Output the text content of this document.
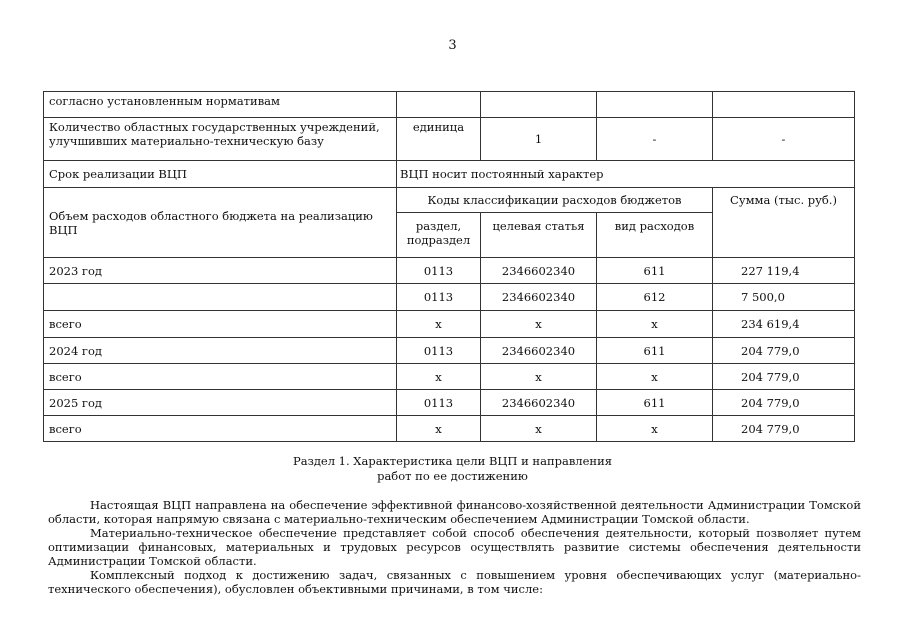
3
согласно установленным нормативам				
Количество областных государственных учреждений, улучшивших материально-техническую базу	единица	1	-	-
Срок реализации ВЦП	ВЦП носит постоянный характер			
Объем расходов областного бюджета на реализацию ВЦП	Коды классификации расходов бюджетов			Сумма (тыс. руб.)
	раздел, подраздел	целевая статья	вид расходов	
2023 год	0113	2346602340	611	227 119,4
	0113	2346602340	612	7 500,0
всего	х	х	х	234 619,4
2024 год	0113	2346602340	611	204 779,0
всего	х	х	х	204 779,0
2025 год	0113	2346602340	611	204 779,0
всего	х	х	х	204 779,0
Раздел 1. Характеристика цели ВЦП и направления
работ по ее достижению

Настоящая ВЦП направлена на обеспечение эффективной финансово-хозяйственной деятельности Администрации Томской области, которая напрямую связана с материально-техническим обеспечением Администрации Томской области.

Материально-техническое обеспечение представляет собой способ обеспечения деятельности, который позволяет путем оптимизации финансовых, материальных и трудовых ресурсов осуществлять развитие системы обеспечения деятельности Администрации Томской области.

Комплексный подход к достижению задач, связанных с повышением уровня обеспечивающих услуг (материально-технического обеспечения), обусловлен объективными причинами, в том числе:
